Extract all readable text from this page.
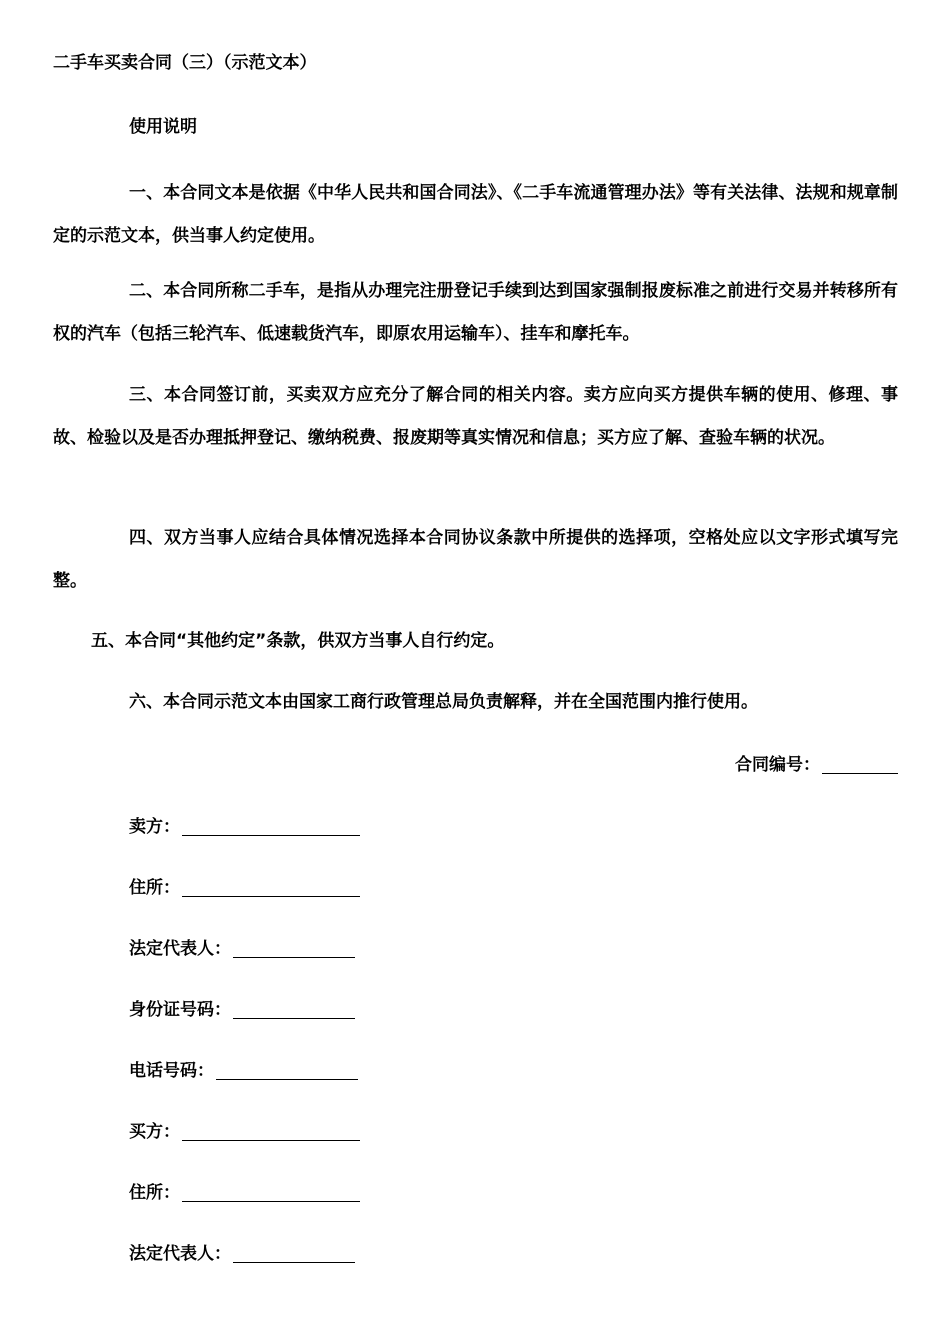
二手车买卖合同（三）（示范文本）
使用说明

一、本合同文本是依据《中华人民共和国合同法》、《二手车流通管理办法》等有关法律、法规和规章制定的示范文本，供当事人约定使用。

二、本合同所称二手车，是指从办理完注册登记手续到达到国家强制报废标准之前进行交易并转移所有权的汽车（包括三轮汽车、低速载货汽车，即原农用运输车）、挂车和摩托车。

三、本合同签订前，买卖双方应充分了解合同的相关内容。卖方应向买方提供车辆的使用、修理、事故、检验以及是否办理抵押登记、缴纳税费、报废期等真实情况和信息；买方应了解、查验车辆的状况。

四、双方当事人应结合具体情况选择本合同协议条款中所提供的选择项，空格处应以文字形式填写完整。

五、本合同“其他约定”条款，供双方当事人自行约定。

六、本合同示范文本由国家工商行政管理总局负责解释，并在全国范围内推行使用。

合同编号：
卖方：
住所：
法定代表人：
身份证号码：
电话号码：
买方：
住所：
法定代表人：
